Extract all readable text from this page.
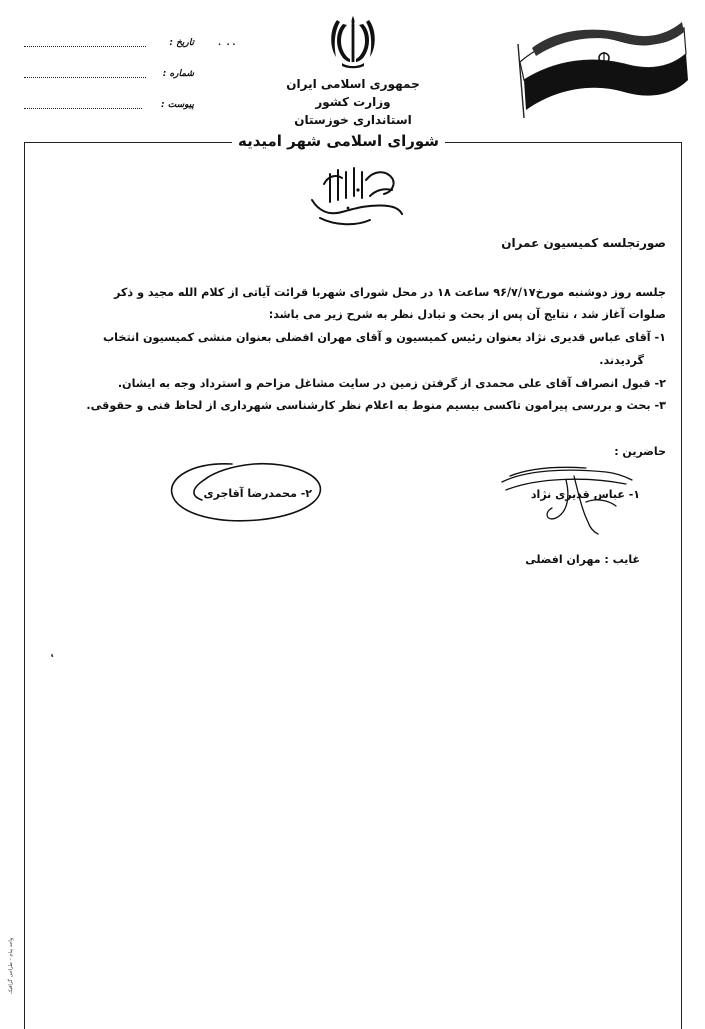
تاریخ :	·  · ·
شماره :
پیوست :
جمهوری اسلامی ایران
وزارت کشور
استانداری خوزستان
شورای اسلامی شهر امیدیه
صورتجلسه کمیسیون عمران
جلسه روز دوشنبه مورخ۹۶/۷/۱۷ ساعت ۱۸ در محل شورای شهربا قرائت آیاتی از کلام الله مجید و ذکر
صلوات آغاز شد ، نتایج آن پس از بحث و تبادل نظر به شرح زیر می باشد:
۱- آقای عباس قدیری نژاد بعنوان رئیس کمیسیون و آقای مهران افضلی بعنوان منشی کمیسیون انتخاب
گردیدند.
۲- قبول انصراف آقای علی محمدی از گرفتن زمین در سایت مشاغل مزاحم و استرداد وجه به ایشان.
۳- بحث و بررسی پیرامون تاکسی بیسیم منوط به اعلام نظر کارشناسی شهرداری از لحاظ فنی و حقوقی.
حاضرین :
۱- عباس قدیری نژاد
۲- محمدرضا آقاجری
غایب : مهران افضلی
،
واحد پیام – طراحی گرافیک
